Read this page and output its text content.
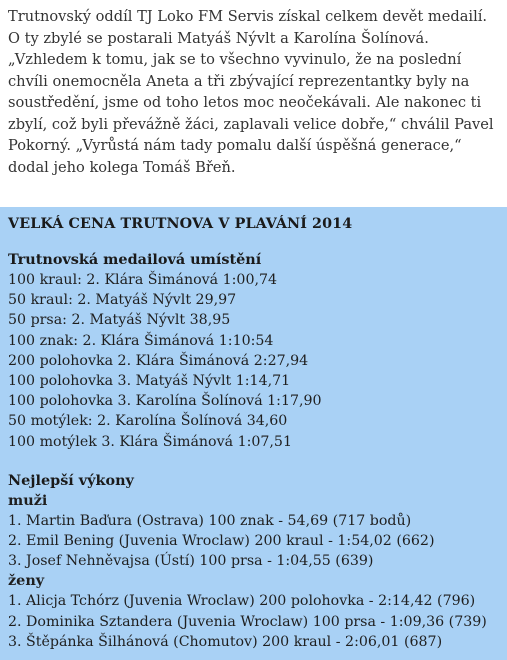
Trutnovský oddíl TJ Loko FM Servis získal celkem devět medailí. O ty zbylé se postarali Matyáš Nývlt a Karolína Šolínová. „Vzhledem k tomu, jak se to všechno vyvinulo, že na poslední chvíli onemocněla Aneta a tři zbývající reprezentantky byly na soustředění, jsme od toho letos moc neočekávali. Ale nakonec ti zbylí, což byli převážně žáci, zaplavali velice dobře,“ chválil Pavel Pokorný. „Vyrůstá nám tady pomalu další úspěšná generace,“ dodal jeho kolega Tomáš Břeň.

VELKÁ CENA TRUTNOVA V PLAVÁNÍ 2014
Trutnovská medailová umístění
100 kraul: 2. Klára Šimánová 1:00,74
50 kraul: 2. Matyáš Nývlt 29,97
50 prsa: 2. Matyáš Nývlt 38,95
100 znak: 2. Klára Šimánová 1:10:54
200 polohovka 2. Klára Šimánová 2:27,94
100 polohovka 3. Matyáš Nývlt 1:14,71
100 polohovka 3. Karolína Šolínová 1:17,90
50 motýlek: 2. Karolína Šolínová 34,60
100 motýlek 3. Klára Šimánová 1:07,51
Nejlepší výkony
muži
1. Martin Baďura (Ostrava) 100 znak - 54,69 (717 bodů)
2. Emil Bening (Juvenia Wroclaw) 200 kraul - 1:54,02 (662)
3. Josef Nehněvajsa (Ústí) 100 prsa - 1:04,55 (639)
ženy
1. Alicja Tchórz (Juvenia Wroclaw) 200 polohovka - 2:14,42 (796)
2. Dominika Sztandera (Juvenia Wroclaw) 100 prsa - 1:09,36 (739)
3. Štěpánka Šilhánová (Chomutov) 200 kraul - 2:06,01 (687)
